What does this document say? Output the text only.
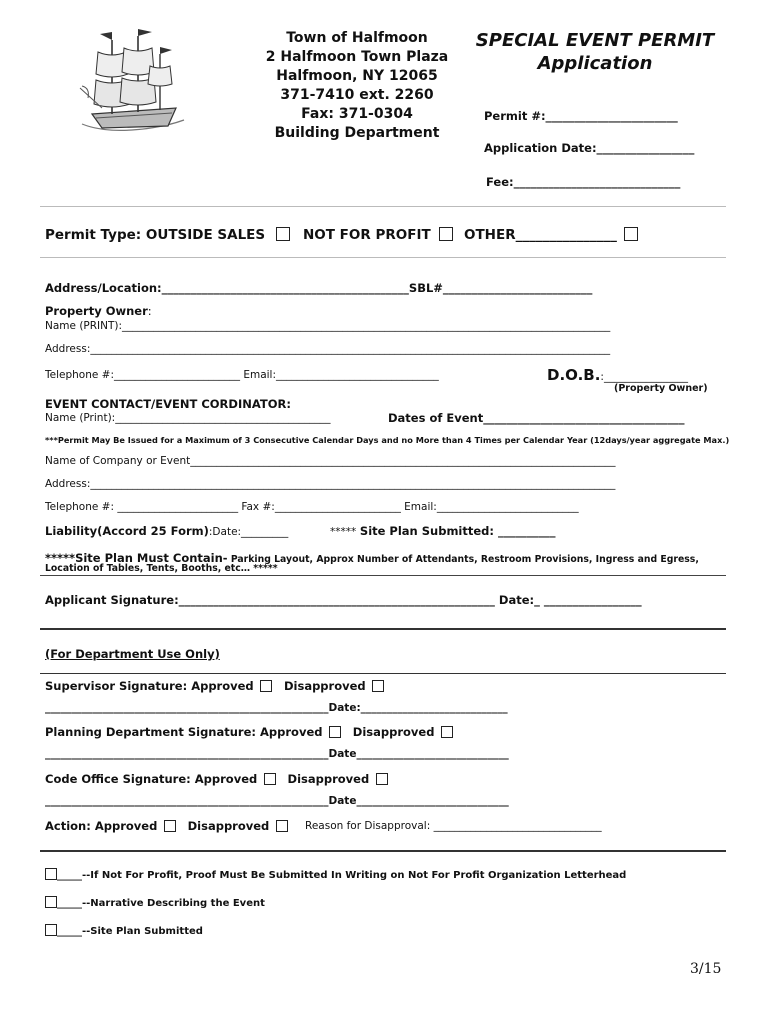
Town of Halfmoon
2 Halfmoon Town Plaza
Halfmoon, NY 12065
371-7410 ext. 2260
Fax: 371-0304
Building Department
SPECIAL EVENT PERMIT
Application
Permit #:_______________________
Application Date:_________________
Fee:_____________________________
Permit Type: OUTSIDE SALES	NOT FOR PROFIT	OTHER_______________
Address/Location:___________________________________________SBL#__________________________
Property Owner:
Name (PRINT):_____________________________________________________________________________________________
Address:___________________________________________________________________________________________________
Telephone #:________________________ Email:_______________________________	D.O.B.:________________
(Property Owner)
EVENT CONTACT/EVENT CORDINATOR:
Name (Print):_________________________________________	Dates of Event___________________________________
***Permit May Be Issued for a Maximum of 3 Consecutive Calendar Days and no More than 4 Times per Calendar Year (12days/year aggregate Max.)
Name of Company or Event_________________________________________________________________________________
Address:____________________________________________________________________________________________________
Telephone #: _______________________ Fax #:________________________ Email:___________________________
Liability(Accord 25 Form):Date:_________	***** Site Plan Submitted: __________
*****Site Plan Must Contain- Parking Layout, Approx Number of Attendants, Restroom Provisions, Ingress and Egress,
Location of Tables, Tents, Booths, etc… *****
Applicant Signature:_______________________________________________________ Date:_ _________________
(For Department Use Only)
Supervisor Signature: Approved	Disapproved
______________________________________________________Date:____________________________
Planning Department Signature: Approved	Disapproved
______________________________________________________Date_____________________________
Code Office Signature: Approved	Disapproved
______________________________________________________Date_____________________________
Action: Approved	Disapproved	Reason for Disapproval: ________________________________
_____--If Not For Profit, Proof Must Be Submitted In Writing on Not For Profit Organization Letterhead
_____--Narrative Describing the Event
_____--Site Plan Submitted
3/15
